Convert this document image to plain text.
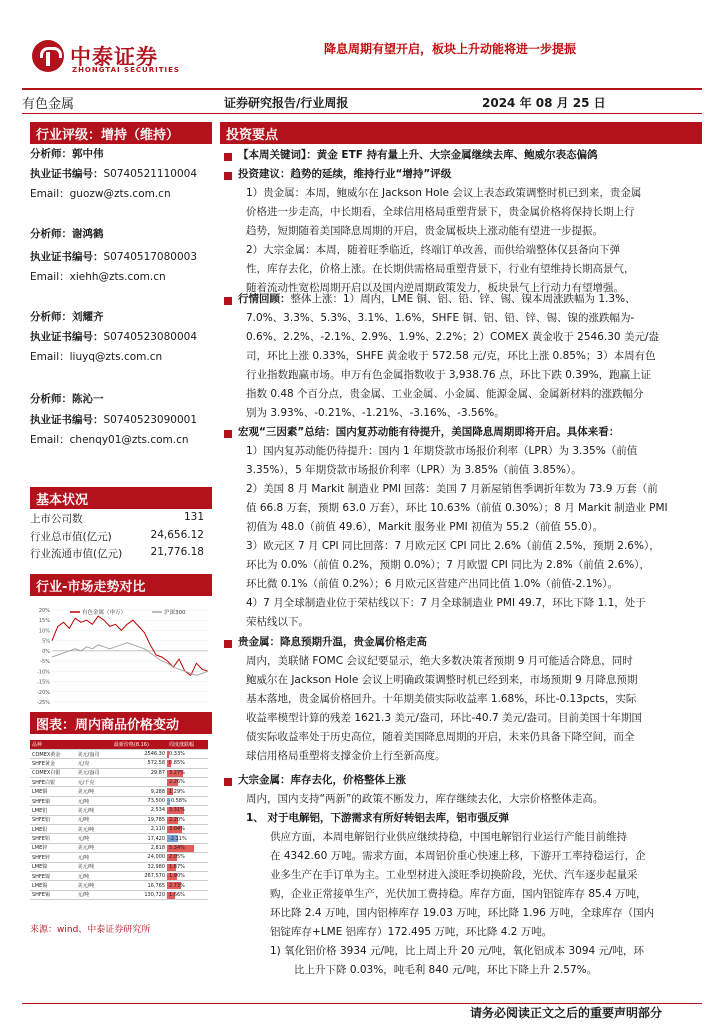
中泰证券
ZHONGTAI SECURITIES
降息周期有望开启，板块上升动能将进一步提振
有色金属	证券研究报告/行业周报	2024 年 08 月 25 日
行业评级：增持（维持）
分析师：郭中伟
执业证书编号：S0740521110004
Email：guozw@zts.com.cn
分析师：谢鸿鹤
执业证书编号：S0740517080003
Email：xiehh@zts.com.cn
分析师：刘耀齐
执业证书编号：S0740523080004
Email：liuyq@zts.com.cn
分析师：陈沁一
执业证书编号：S0740523090001
Email：chenqy01@zts.com.cn
基本状况
上市公司数	131
行业总市值(亿元)	24,656.12
行业流通市值(亿元)	21,776.18
行业-市场走势对比
20%
15%
10%
5%
0%
-5%
-10%
-15%
-20%
-25%
有色金属（申万）	沪深300
图表：周内商品价格变动
品种		最新价格(8.16)	周度涨跌幅
COMEX黄金	美元/盎司	2546.30	0.33%
SHFE黄金	元/克	572.58	0.85%
COMEX白银	美元/盎司	29.87	3.27%
SHFE白银	元/千克		2.26%
LME铜	美元/吨	9,288	1.29%
SHFE铜	元/吨	73,500	-0.58%
LME铝	美元/吨	2,534	3.31%
SHFE铝	元/吨	19,785	2.20%
LME铅	美元/吨	2,110	3.04%
SHFE铅	元/吨	17,420	-2.11%
LME锌	美元/吨	2,818	5.34%
SHFE锌	元/吨	24,000	2.05%
LME镍	美元/吨	32,980	1.87%
SHFE镍	元/吨	267,570	1.90%
LME锡	美元/吨	16,765	2.73%
SHFE锡	元/吨	130,720	1.66%
来源：wind、中泰证券研究所
投资要点
【本周关键词】：黄金 ETF 持有量上升、大宗金属继续去库、鲍威尔表态偏鸽
投资建议：趋势的延续，维持行业“增持”评级
1）贵金属：本周，鲍威尔在 Jackson Hole 会议上表态政策调整时机已到来，贵金属
价格进一步走高，中长期看，全球信用格局重塑背景下，贵金属价格将保持长期上行
趋势，短期随着美国降息周期的开启，贵金属板块上涨动能有望进一步提振。
2）大宗金属：本周，随着旺季临近，终端订单改善，而供给端整体仅县备向下弹
性，库存去化，价格上涨。在长期供需格局重塑背景下，行业有望维持长期高景气，
随着流动性宽松周期开启以及国内逆周期政策发力，板块景气上行动力有望增强。
行情回顾：整体上涨：1）周内，LME 铜、铝、铅、锌、锡、镍本周涨跌幅为 1.3%、
7.0%、3.3%、5.3%、3.1%、1.6%，SHFE 铜、铝、铅、锌、锡、镍的涨跌幅为-
0.6%、2.2%、-2.1%、2.9%、1.9%、2.2%；2）COMEX 黄金收于 2546.30 美元/盎
司，环比上涨 0.33%，SHFE 黄金收于 572.58 元/克，环比上涨 0.85%；3）本周有色
行业指数跑赢市场。申万有色金属指数收于 3,938.76 点，环比下跌 0.39%，跑赢上证
指数 0.48 个百分点，贵金属、工业金属、小金属、能源金属、金属新材料的涨跌幅分
别为 3.93%、-0.21%、-1.21%、-3.16%、-3.56%。
宏观“三因素”总结：国内复苏动能有待提升，美国降息周期即将开启。具体来看：
1）国内复苏动能仍待提升：国内 1 年期贷款市场报价利率（LPR）为 3.35%（前值
3.35%），5 年期贷款市场报价利率（LPR）为 3.85%（前值 3.85%）。
2）美国 8 月 Markit 制造业 PMI 回落：美国 7 月新屋销售季调折年数为 73.9 万套（前
值 66.8 万套，预期 63.0 万套），环比 10.63%（前值 0.30%）；8 月 Markit 制造业 PMI
初值为 48.0（前值 49.6），Markit 服务业 PMI 初值为 55.2（前值 55.0）。
3）欧元区 7 月 CPI 同比回落：7 月欧元区 CPI 同比 2.6%（前值 2.5%，预期 2.6%），
环比为 0.0%（前值 0.2%，预期 0.0%）；7 月欧盟 CPI 同比为 2.8%（前值 2.6%），
环比微 0.1%（前值 0.2%）；6 月欧元区营建产出同比值 1.0%（前值-2.1%）。
4）7 月全球制造业位于荣枯线以下：7 月全球制造业 PMI 49.7，环比下降 1.1，处于
荣枯线以下。
贵金属：降息预期升温，贵金属价格走高
周内，美联储 FOMC 会议纪要显示，绝大多数决策者预期 9 月可能适合降息，同时
鲍威尔在 Jackson Hole 会议上明确政策调整时机已经到来，市场预期 9 月降息预期
基本落地，贵金属价格回升。十年期美债实际收益率 1.68%，环比-0.13pcts，实际
收益率模型计算的残差 1621.3 美元/盎司，环比-40.7 美元/盎司。目前美国十年期国
债实际收益率处于历史高位，随着美国降息周期的开启，未来仍具备下降空间，而全
球信用格局重塑将支撑金价上行至新高度。
大宗金属：库存去化，价格整体上涨
周内，国内支持“两新”的政策不断发力，库存继续去化，大宗价格整体走高。
1、 对于电解铝，下游需求有所好转铝去库，铝市强反弹
供应方面，本周电解铝行业供应继续持稳，中国电解铝行业运行产能目前维持
在 4342.60 万吨。需求方面，本周铝价重心快速上移，下游开工率持稳运行，企
业多生产在手订单为主。工业型材进入淡旺季切换阶段，光伏、汽车逐步起量采
购，企业正常接单生产，光伏加工费持稳。库存方面，国内铝锭库存 85.4 万吨，
环比降 2.4 万吨，国内铝棒库存 19.03 万吨，环比降 1.96 万吨，全球库存（国内
铝锭库存+LME 铝库存）172.495 万吨，环比降 4.2 万吨。
1) 氧化铝价格 3934 元/吨，比上周上升 20 元/吨，氧化铝成本 3094 元/吨，环
比上升下降 0.03%，吨毛利 840 元/吨，环比下降上升 2.57%。
请务必阅读正文之后的重要声明部分
